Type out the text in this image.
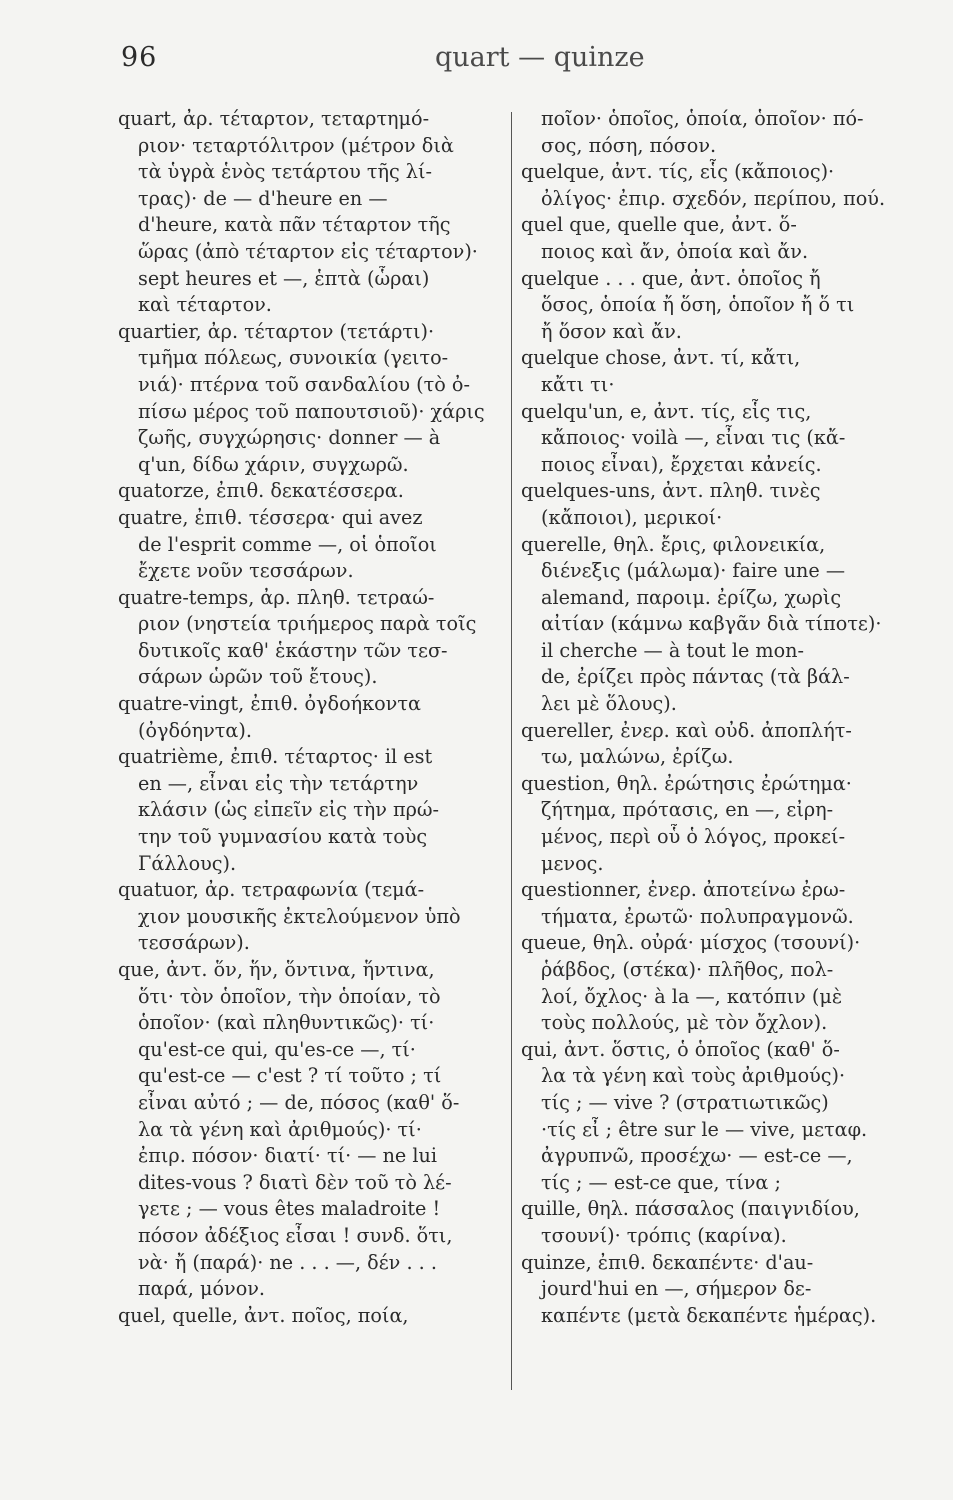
96	quart — quinze
quart, ἀρ. τέταρτον, τεταρτημό-
ριον· τεταρτόλιτρον (μέτρον διὰ
τὰ ὑγρὰ ἑνὸς τετάρτου τῆς λί-
τρας)· de — d'heure en —
d'heure, κατὰ πᾶν τέταρτον τῆς
ὥρας (ἀπὸ τέταρτον εἰς τέταρτον)·
sept heures et —, ἑπτὰ (ὧραι)
καὶ τέταρτον.
quartier, ἀρ. τέταρτον (τετάρτι)·
τμῆμα πόλεως, συνοικία (γειτο-
νιά)· πτέρνα τοῦ σανδαλίου (τὸ ὀ-
πίσω μέρος τοῦ παπουτσιοῦ)· χάρις
ζωῆς, συγχώρησις· donner — à
q'un, δίδω χάριν, συγχωρῶ.
quatorze, ἐπιθ. δεκατέσσερα.
quatre, ἐπιθ. τέσσερα· qui avez
de l'esprit comme —, οἱ ὁποῖοι
ἔχετε νοῦν τεσσάρων.
quatre-temps, ἀρ. πληθ. τετραώ-
ριον (νηστεία τριήμερος παρὰ τοῖς
δυτικοῖς καθ' ἑκάστην τῶν τεσ-
σάρων ὡρῶν τοῦ ἔτους).
quatre-vingt, ἐπιθ. ὀγδοήκοντα
(ὀγδόηντα).
quatrième, ἐπιθ. τέταρτος· il est
en —, εἶναι εἰς τὴν τετάρτην
κλάσιν (ὡς εἰπεῖν εἰς τὴν πρώ-
την τοῦ γυμνασίου κατὰ τοὺς
Γάλλους).
quatuor, ἀρ. τετραφωνία (τεμά-
χιον μουσικῆς ἐκτελούμενον ὑπὸ
τεσσάρων).
que, ἀντ. ὅν, ἥν, ὅντινα, ἥντινα,
ὅτι· τὸν ὁποῖον, τὴν ὁποίαν, τὸ
ὁποῖον· (καὶ πληθυντικῶς)· τί·
qu'est-ce qui, qu'es-ce —, τί·
qu'est-ce — c'est ? τί τοῦτο ; τί
εἶναι αὐτό ; — de, πόσος (καθ' ὅ-
λα τὰ γένη καὶ ἀριθμούς)· τί·
ἐπιρ. πόσον· διατί· τί· — ne lui
dites-vous ? διατὶ δὲν τοῦ τὸ λέ-
γετε ; — vous êtes maladroite !
πόσον ἀδέξιος εἶσαι ! συνδ. ὅτι,
νὰ· ἤ (παρά)· ne . . . —, δέν . . .
παρά, μόνον.
quel, quelle, ἀντ. ποῖος, ποία,
ποῖον· ὁποῖος, ὁποία, ὁποῖον· πό-
σος, πόση, πόσον.
quelque, ἀντ. τίς, εἷς (κἄποιος)·
ὀλίγος· ἐπιρ. σχεδόν, περίπου, πού.
quel que, quelle que, ἀντ. ὅ-
ποιος καὶ ἄν, ὁποία καὶ ἄν.
quelque . . . que, ἀντ. ὁποῖος ἤ
ὅσος, ὁποία ἤ ὅση, ὁποῖον ἤ ὅ τι
ἤ ὅσον καὶ ἄν.
quelque chose, ἀντ. τί, κἄτι,
κἄτι τι·
quelqu'un, e, ἀντ. τίς, εἷς τις,
κἄποιος· voilà —, εἶναι τις (κἄ-
ποιος εἶναι), ἔρχεται κἀνείς.
quelques-uns, ἀντ. πληθ. τινὲς
(κἄποιοι), μερικοί·
querelle, θηλ. ἔρις, φιλονεικία,
διένεξις (μάλωμα)· faire une —
alemand, παροιμ. ἐρίζω, χωρὶς
αἰτίαν (κάμνω καβγᾶν διὰ τίποτε)·
il cherche — à tout le mon-
de, ἐρίζει πρὸς πάντας (τὰ βάλ-
λει μὲ ὅλους).
quereller, ἐνερ. καὶ οὐδ. ἀποπλήτ-
τω, μαλώνω, ἐρίζω.
question, θηλ. ἐρώτησις ἐρώτημα·
ζήτημα, πρότασις, en —, εἰρη-
μένος, περὶ οὗ ὁ λόγος, προκεί-
μενος.
questionner, ἐνερ. ἀποτείνω ἐρω-
τήματα, ἐρωτῶ· πολυπραγμονῶ.
queue, θηλ. οὐρά· μίσχος (τσουνί)·
ῥάβδος, (στέκα)· πλῆθος, πολ-
λοί, ὄχλος· à la —, κατόπιν (μὲ
τοὺς πολλούς, μὲ τὸν ὄχλον).
qui, ἀντ. ὅστις, ὁ ὁποῖος (καθ' ὅ-
λα τὰ γένη καὶ τοὺς ἀριθμούς)·
τίς ; — vive ? (στρατιωτικῶς)
·τίς εἶ ; être sur le — vive, μεταφ.
ἀγρυπνῶ, προσέχω· — est-ce —,
τίς ; — est-ce que, τίνα ;
quille, θηλ. πάσσαλος (παιγνιδίου,
τσουνί)· τρόπις (καρίνα).
quinze, ἐπιθ. δεκαπέντε· d'au-
jourd'hui en —, σήμερον δε-
καπέντε (μετὰ δεκαπέντε ἡμέρας).
